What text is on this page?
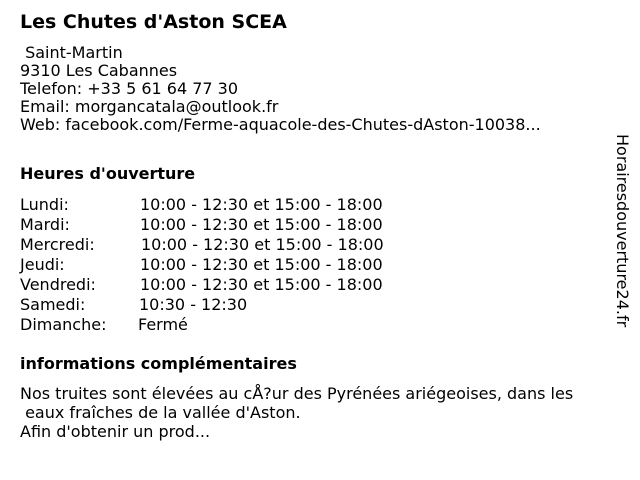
Les Chutes d'Aston SCEA
Saint-Martin
9310 Les Cabannes
Telefon: +33 5 61 64 77 30
Email: morgancatala@outlook.fr
Web: facebook.com/Ferme-aquacole-des-Chutes-dAston-10038...
Heures d'ouverture
Lundi:	10:00 - 12:30 et 15:00 - 18:00
Mardi:	10:00 - 12:30 et 15:00 - 18:00
Mercredi:	10:00 - 12:30 et 15:00 - 18:00
Jeudi:	10:00 - 12:30 et 15:00 - 18:00
Vendredi:	10:00 - 12:30 et 15:00 - 18:00
Samedi:	10:30 - 12:30
Dimanche: Fermé
informations complémentaires
Nos truites sont élevées au cÅ?ur des Pyrénées ariégeoises, dans les
eaux fraîches de la vallée d'Aston.
Afin d'obtenir un prod...
Horairesdouverture24.fr
